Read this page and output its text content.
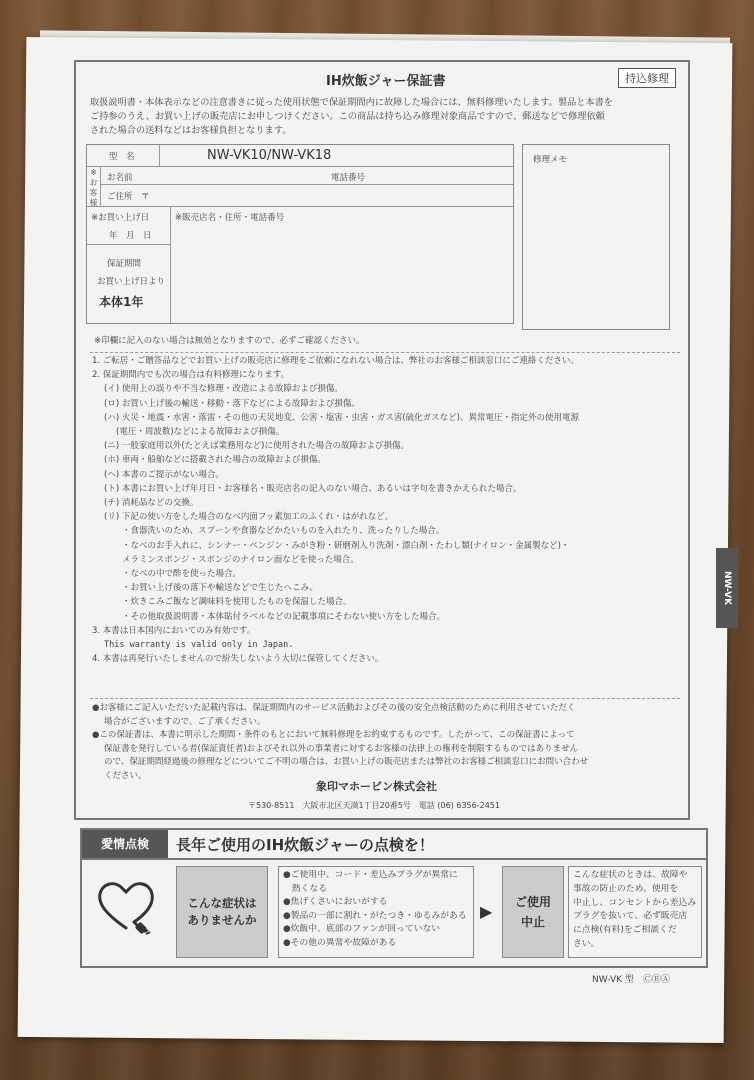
IH炊飯ジャー保証書	持込修理
取扱説明書・本体表示などの注意書きに従った使用状態で保証期間内に故障した場合には、無料修理いたします。製品と本書を
ご持参のうえ、お買い上げの販売店にお申しつけください。この商品は持ち込み修理対象商品ですので、郵送などで修理依頼
された場合の送料などはお客様負担となります。
型　名	NW-VK10/NW-VK18
※お客様
お名前	電話番号
ご住所　〒
※お買い上げ日
年　月　日
※販売店名・住所・電話番号
保証期間
お買い上げ日より
本体1年
修理メモ
※印欄に記入のない場合は無効となりますので、必ずご確認ください。
1. ご転居・ご贈答品などでお買い上げの販売店に修理をご依頼になれない場合は、弊社のお客様ご相談窓口にご連絡ください。
2. 保証期間内でも次の場合は有料修理になります。
(イ) 使用上の誤りや不当な修理・改造による故障および損傷。
(ロ) お買い上げ後の輸送・移動・落下などによる故障および損傷。
(ハ) 火災・地震・水害・落雷・その他の天災地変、公害・塩害・虫害・ガス害(硫化ガスなど)、異常電圧・指定外の使用電源
(電圧・周波数)などによる故障および損傷。
(ニ) 一般家庭用以外(たとえば業務用など)に使用された場合の故障および損傷。
(ホ) 車両・船舶などに搭載された場合の故障および損傷。
(ヘ) 本書のご提示がない場合。
(ト) 本書にお買い上げ年月日・お客様名・販売店名の記入のない場合、あるいは字句を書きかえられた場合。
(チ) 消耗品などの交換。
(リ) 下記の使い方をした場合のなべ内面フッ素加工のふくれ・はがれなど。
・食器洗いのため、スプーンや食器などかたいものを入れたり、洗ったりした場合。
・なべのお手入れに、シンナー・ベンジン・みがき粉・研磨剤入り洗剤・漂白剤・たわし類(ナイロン・金属製など)・
メラミンスポンジ・スポンジのナイロン面などを使った場合。
・なべの中で酢を使った場合。
・お買い上げ後の落下や輸送などで生じたへこみ。
・炊きこみご飯など調味料を使用したものを保温した場合。
・その他取扱説明書・本体貼付ラベルなどの記載事項にそわない使い方をした場合。
3. 本書は日本国内においてのみ有効です。
This warranty is valid only in Japan.
4. 本書は再発行いたしませんので紛失しないよう大切に保管してください。
●お客様にご記入いただいた記載内容は、保証期間内のサービス活動およびその後の安全点検活動のために利用させていただく
場合がございますので、ご了承ください。
●この保証書は、本書に明示した期間・条件のもとにおいて無料修理をお約束するものです。したがって、この保証書によって
保証書を発行している者(保証責任者)およびそれ以外の事業者に対するお客様の法律上の権利を制限するものではありません
ので、保証期間経過後の修理などについてご不明の場合は、お買い上げの販売店または弊社のお客様ご相談窓口にお問い合わせ
ください。
象印マホービン株式会社
〒530-8511　大阪市北区天満1丁目20番5号　電話 (06) 6356-2451
愛情点検	長年ご使用のIH炊飯ジャーの点検を！
こんな症状は
ありませんか
●ご使用中、コード・差込みプラグが異常に
　熱くなる
●焦げくさいにおいがする
●製品の一部に割れ・がたつき・ゆるみがある
●炊飯中、底部のファンが回っていない
●その他の異常や故障がある
▶	ご使用
中止
こんな症状のときは、故障や
事故の防止のため、使用を
中止し、コンセントから差込み
プラグを抜いて、必ず販売店
に点検(有料)をご相談くだ
さい。
NW-VK 型　ⒸⒷⒶ
NW-VK
